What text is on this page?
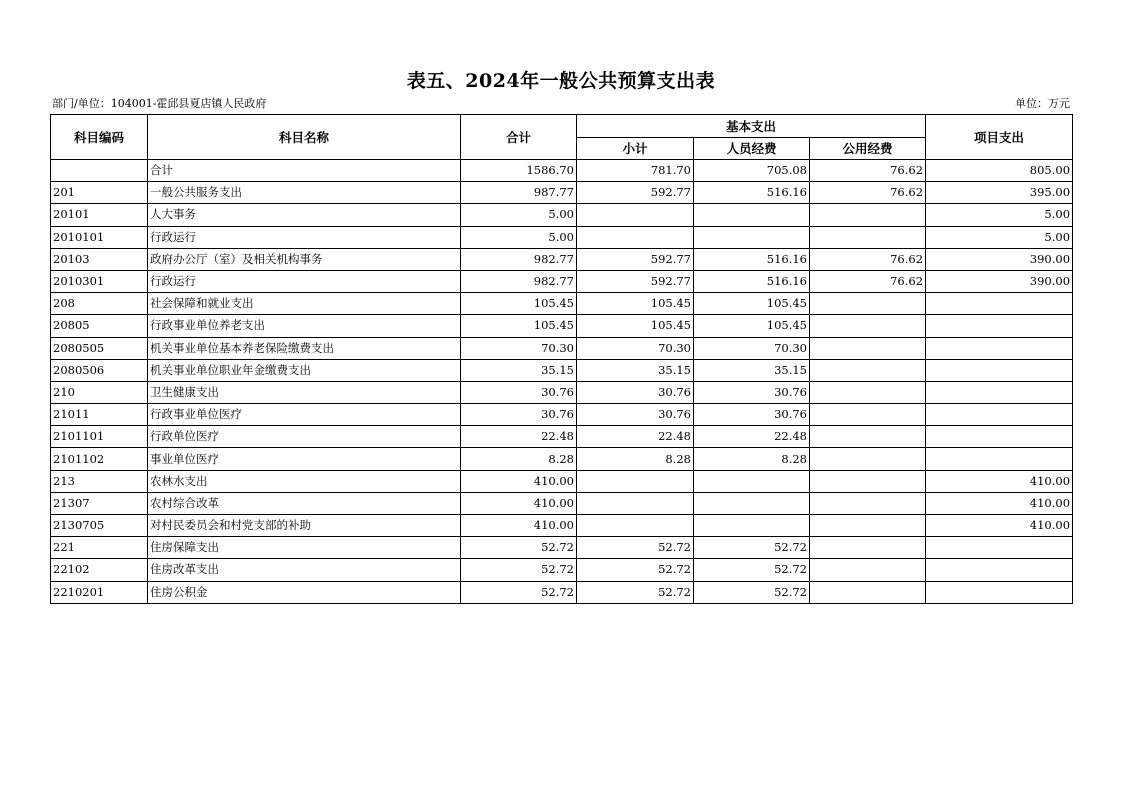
表五、2024年一般公共预算支出表
部门/单位：104001-霍邱县夏店镇人民政府	单位：万元
科目编码	科目名称	合计	基本支出			项目支出
			小计	人员经费	公用经费	
	合计	1586.70	781.70	705.08	76.62	805.00
201	一般公共服务支出	987.77	592.77	516.16	76.62	395.00
20101	人大事务	5.00				5.00
2010101	行政运行	5.00				5.00
20103	政府办公厅（室）及相关机构事务	982.77	592.77	516.16	76.62	390.00
2010301	行政运行	982.77	592.77	516.16	76.62	390.00
208	社会保障和就业支出	105.45	105.45	105.45		
20805	行政事业单位养老支出	105.45	105.45	105.45		
2080505	机关事业单位基本养老保险缴费支出	70.30	70.30	70.30		
2080506	机关事业单位职业年金缴费支出	35.15	35.15	35.15		
210	卫生健康支出	30.76	30.76	30.76		
21011	行政事业单位医疗	30.76	30.76	30.76		
2101101	行政单位医疗	22.48	22.48	22.48		
2101102	事业单位医疗	8.28	8.28	8.28		
213	农林水支出	410.00				410.00
21307	农村综合改革	410.00				410.00
2130705	对村民委员会和村党支部的补助	410.00				410.00
221	住房保障支出	52.72	52.72	52.72		
22102	住房改革支出	52.72	52.72	52.72		
2210201	住房公积金	52.72	52.72	52.72		
